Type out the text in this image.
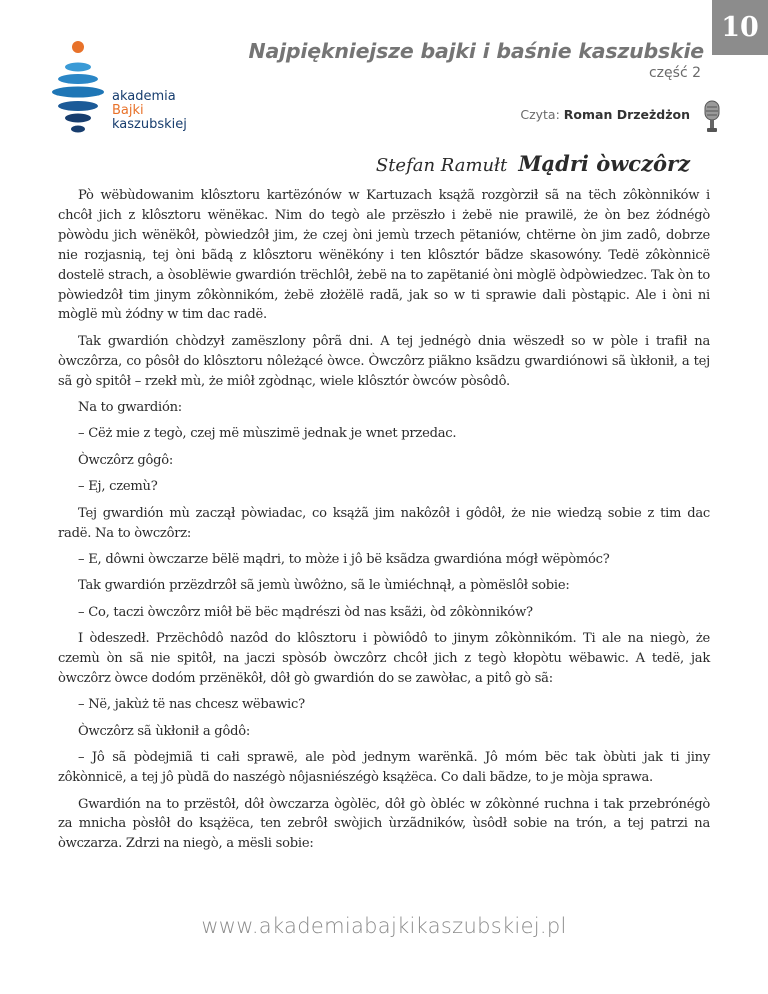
10
akademia
Bajki
kaszubskiej
Najpiękniejsze bajki i baśnie kaszubskie
część 2
Czyta: Roman Drzeżdżon
Stefan Ramułt Mądri òwczôrz

Pò wëbùdowanim klôsztoru kartëzónów w Kartuzach ksążã rozgòrził sã na tëch zôkònników i chcôł jich z klôsztoru wënëkac. Nim do tegò ale przëszło i żebë nie prawilë, że òn bez żódnégò pòwòdu jich wënëkôł, pòwiedzôł jim, że czej òni jemù trzech pëtaniów, chtërne òn jim zadô, dobrze nie rozjasnią, tej òni bãdą z klôsztoru wënëkóny i ten klôsztór bãdze skasowóny. Tedë zôkònnicë dostelë strach, a òsoblëwie gwardión trëchlôł, żebë na to zapëtanié òni mòglë òdpòwiedzec. Tak òn to pòwiedzôł tim jinym zôkònnikóm, żebë złożëlë radã, jak so w ti sprawie dali pòstąpic. Ale i òni ni mòglë mù żódny w tim dac radë.

Tak gwardión chòdzył zamëszlony pôrã dni. A tej jednégò dnia wëszedł so w pòle i trafił na òwczôrza, co pôsôł do klôsztoru nôleżącé òwce. Òwczôrz piãkno ksãdzu gwardiónowi sã ùkłonił, a tej sã gò spitôł – rzekł mù, że miôł zgòdnąc, wiele klôsztór òwców pòsôdô.

Na to gwardión:

– Cëż mie z tegò, czej më mùszimë jednak je wnet przedac.

Òwczôrz gôgô:

– Ej, czemù?

Tej gwardión mù zaczął pòwiadac, co ksążã jim nakôzôł i gôdôł, że nie wiedzą sobie z tim dac radë. Na to òwczôrz:

– E, dôwni òwczarze bëlë mądri, to mòże i jô bë ksãdza gwardióna mógł wëpòmóc?

Tak gwardión przëzdrzôł sã jemù ùwôżno, sã le ùmiéchnął, a pòmëslôł sobie:

– Co, taczi òwczôrz miôł bë bëc mądrészi òd nas ksãżi, òd zôkònników?

I òdeszedł. Przëchôdô nazôd do klôsztoru i pòwiôdô to jinym zôkònnikóm. Ti ale na niegò, że czemù òn sã nie spitôł, na jaczi spòsób òwczôrz chcôł jich z tegò kłopòtu wëbawic. A tedë, jak òwczôrz òwce dodóm przënëkôł, dôł gò gwardión do se zawòłac, a pitô gò sã:

– Në, jakùż të nas chcesz wëbawic?

Òwczôrz sã ùkłonił a gôdô:

– Jô sã pòdejmiã ti całi sprawë, ale pòd jednym warënkã. Jô móm bëc tak òbùti jak ti jiny zôkònnicë, a tej jô pùdã do naszégò nôjasniészégò ksążëca. Co dali bãdze, to je mòja sprawa.

Gwardión na to przëstôł, dôł òwczarza ògòlëc, dôł gò òbléc w zôkònné ruchna i tak przebrónégò za mnicha pòsłôł do ksążëca, ten zebrôł swòjich ùrzãdników, ùsôdł sobie na trón, a tej patrzi na òwczarza. Zdrzi na niegò, a mësli sobie:

www.akademiabajkikaszubskiej.pl
